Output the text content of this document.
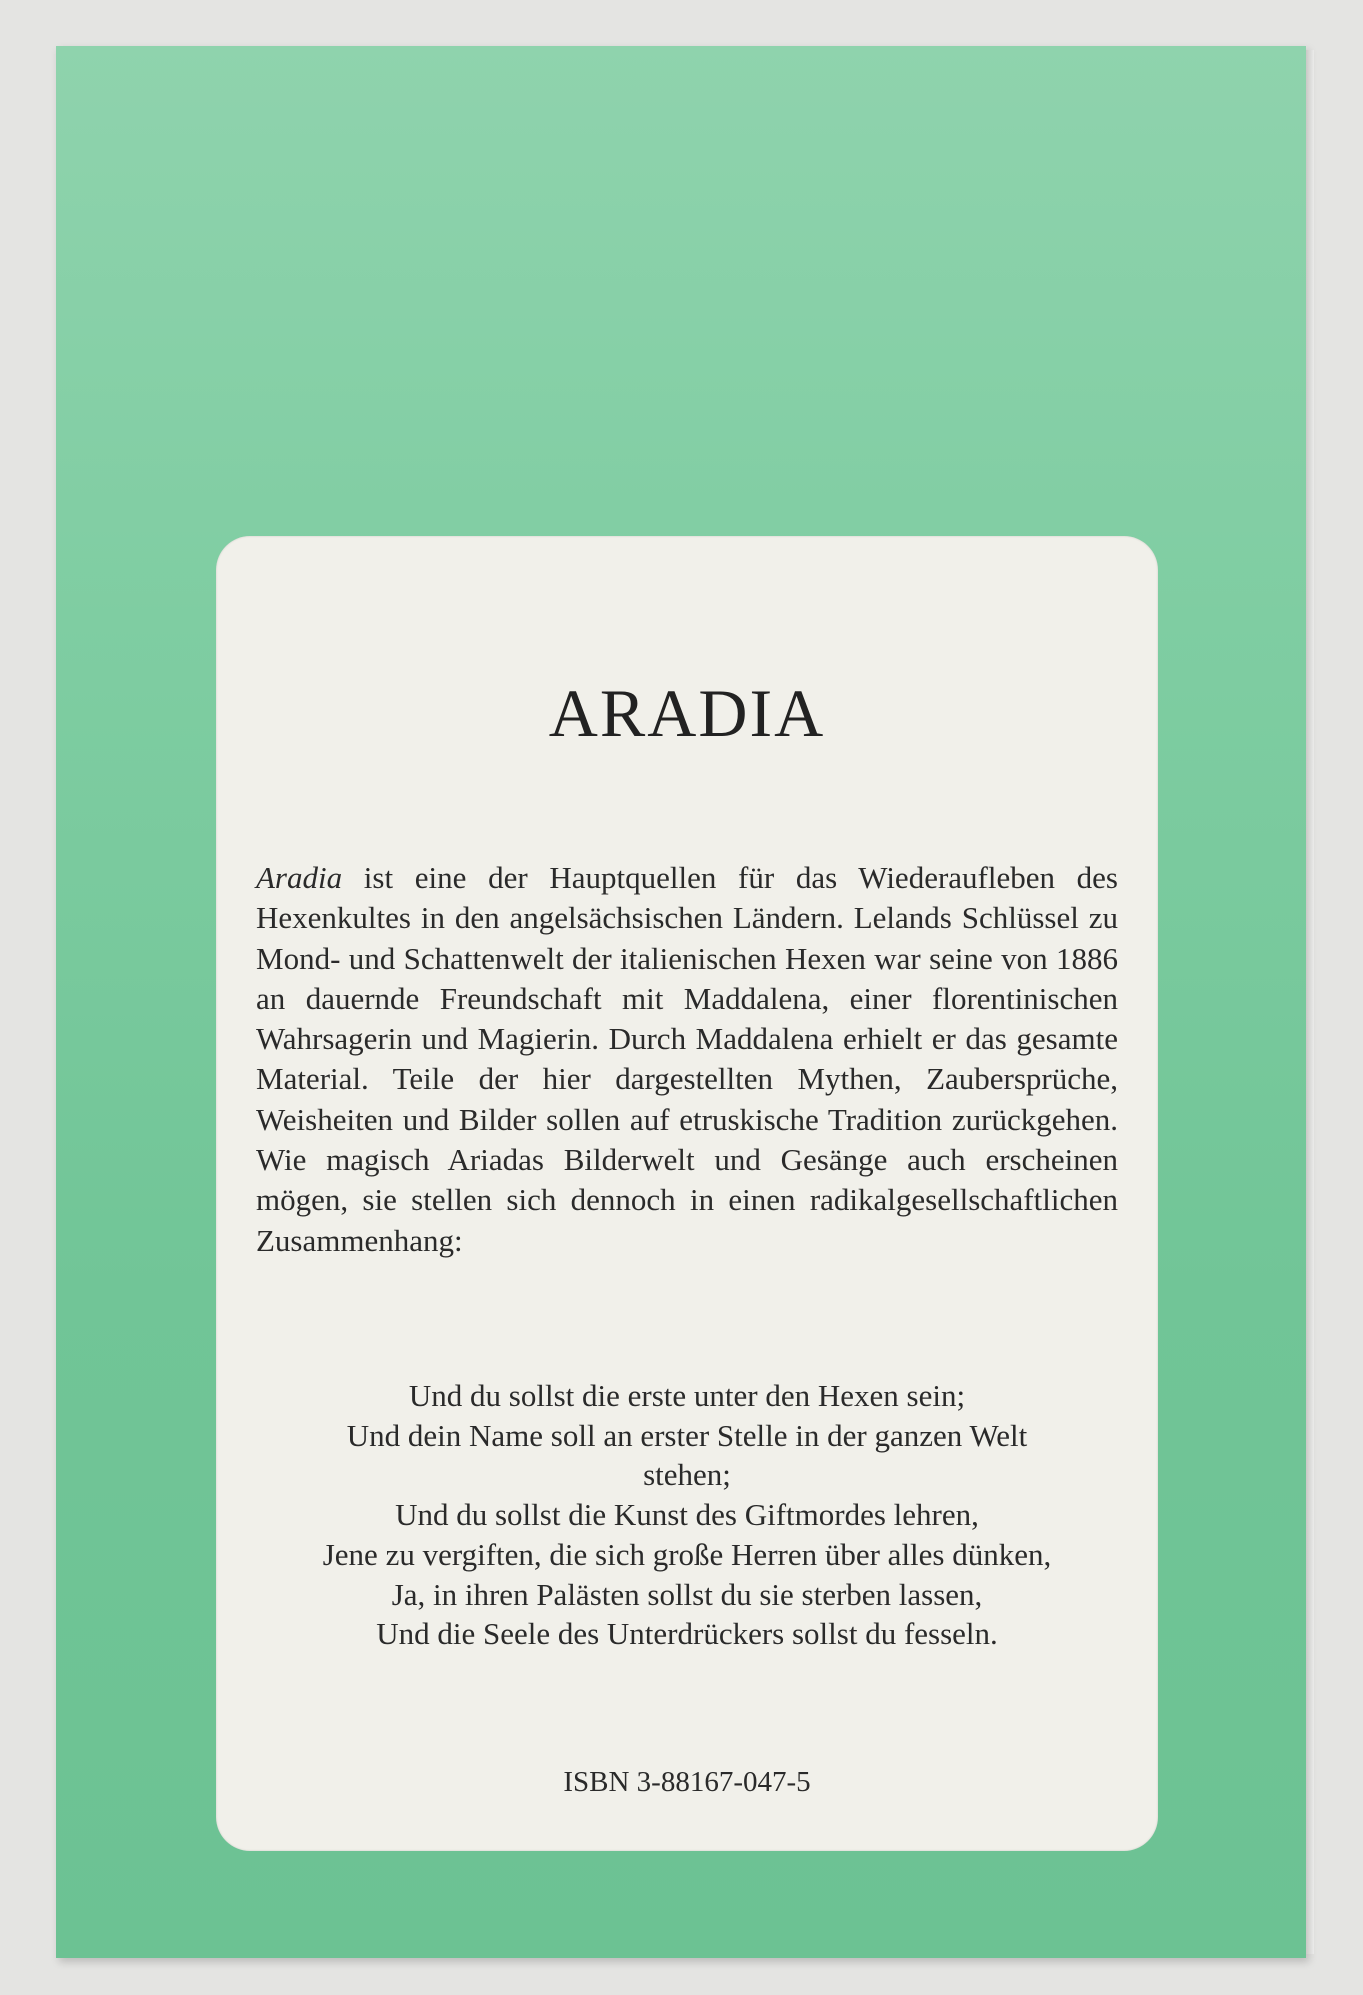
ARADIA

Aradia ist eine der Hauptquellen für das Wiederaufleben des Hexenkultes in den angelsächsischen Ländern. Lelands Schlüssel zu Mond- und Schattenwelt der italienischen Hexen war seine von 1886 an dauernde Freundschaft mit Maddalena, einer florentinischen Wahrsagerin und Magierin. Durch Maddalena erhielt er das gesamte Material. Teile der hier dargestellten Mythen, Zaubersprüche, Weisheiten und Bilder sollen auf etruskische Tradition zurückgehen. Wie magisch Ariadas Bilderwelt und Gesänge auch erscheinen mögen, sie stellen sich dennoch in einen radikalgesellschaftlichen Zusammenhang:

Und du sollst die erste unter den Hexen sein;
Und dein Name soll an erster Stelle in der ganzen Welt
stehen;
Und du sollst die Kunst des Giftmordes lehren,
Jene zu vergiften, die sich große Herren über alles dünken,
Ja, in ihren Palästen sollst du sie sterben lassen,
Und die Seele des Unterdrückers sollst du fesseln.
ISBN 3-88167-047-5
